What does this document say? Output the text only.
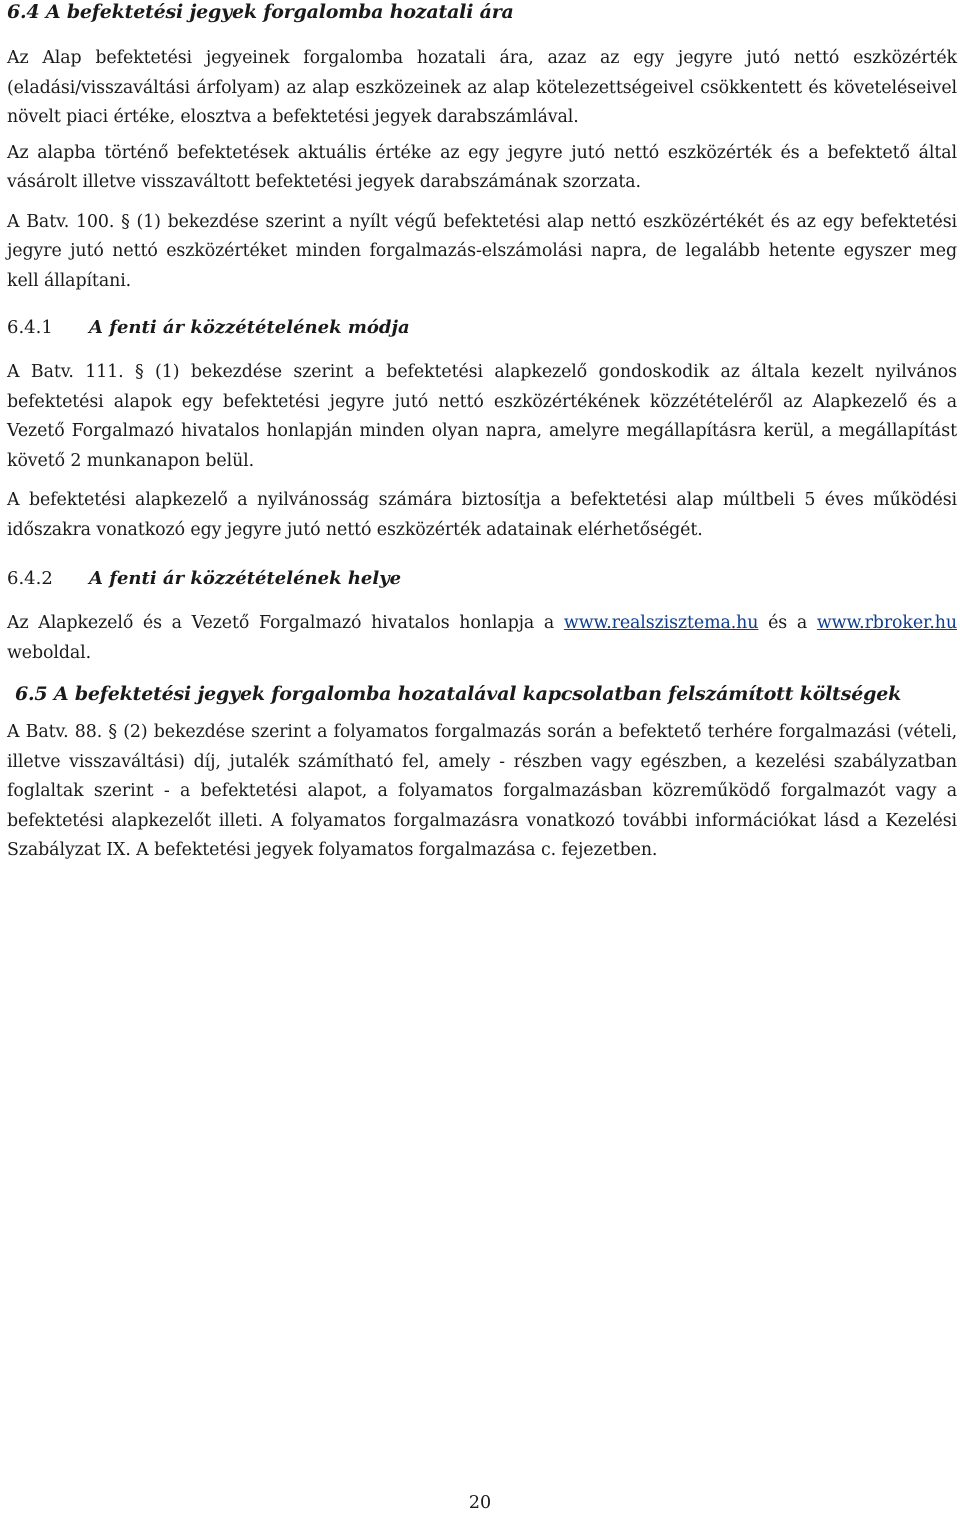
6.4 A befektetési jegyek forgalomba hozatali ára

Az Alap befektetési jegyeinek forgalomba hozatali ára, azaz az egy jegyre jutó nettó eszközérték (eladási/visszaváltási árfolyam) az alap eszközeinek az alap kötelezettségeivel csökkentett és követeléseivel növelt piaci értéke, elosztva a befektetési jegyek darabszámlával.

Az alapba történő befektetések aktuális értéke az egy jegyre jutó nettó eszközérték és a befektető által vásárolt illetve visszaváltott befektetési jegyek darabszámának szorzata.

A Batv. 100. § (1) bekezdése szerint a nyílt végű befektetési alap nettó eszközértékét és az egy befektetési jegyre jutó nettó eszközértéket minden forgalmazás-elszámolási napra, de legalább hetente egyszer meg kell állapítani.

6.4.1	A fenti ár közzétételének módja

A Batv. 111. § (1) bekezdése szerint a befektetési alapkezelő gondoskodik az általa kezelt nyilvános befektetési alapok egy befektetési jegyre jutó nettó eszközértékének közzétételéről az Alapkezelő és a Vezető Forgalmazó hivatalos honlapján minden olyan napra, amelyre megállapításra kerül, a megállapítást követő 2 munkanapon belül.

A befektetési alapkezelő a nyilvánosság számára biztosítja a befektetési alap múltbeli 5 éves működési időszakra vonatkozó egy jegyre jutó nettó eszközérték adatainak elérhetőségét.

6.4.2	A fenti ár közzétételének helye

Az Alapkezelő és a Vezető Forgalmazó hivatalos honlapja a www.realszisztema.hu és a www.rbroker.hu weboldal.

6.5 A befektetési jegyek forgalomba hozatalával kapcsolatban felszámított költségek

A Batv. 88. § (2) bekezdése szerint a folyamatos forgalmazás során a befektető terhére forgalmazási (vételi, illetve visszaváltási) díj, jutalék számítható fel, amely - részben vagy egészben, a kezelési szabályzatban foglaltak szerint - a befektetési alapot, a folyamatos forgalmazásban közreműködő forgalmazót vagy a befektetési alapkezelőt illeti. A folyamatos forgalmazásra vonatkozó további információkat lásd a Kezelési Szabályzat IX. A befektetési jegyek folyamatos forgalmazása c. fejezetben.

20
